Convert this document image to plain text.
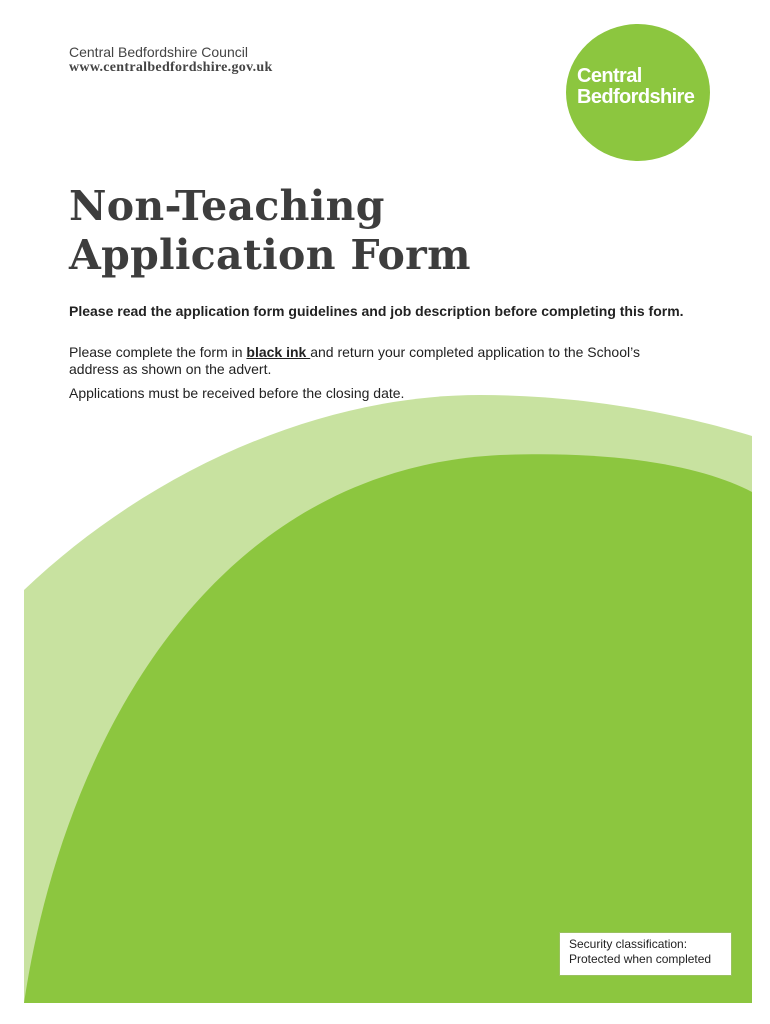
Central Bedfordshire Council

www.centralbedfordshire.gov.uk	Central
Bedfordshire
Non-Teaching
Application Form

Please read the application form guidelines and job description before completing this form.

Please complete the form in black ink and return your completed application to the School’s address as shown on the advert.

Applications must be received before the closing date.

Security classification:
Protected when completed
